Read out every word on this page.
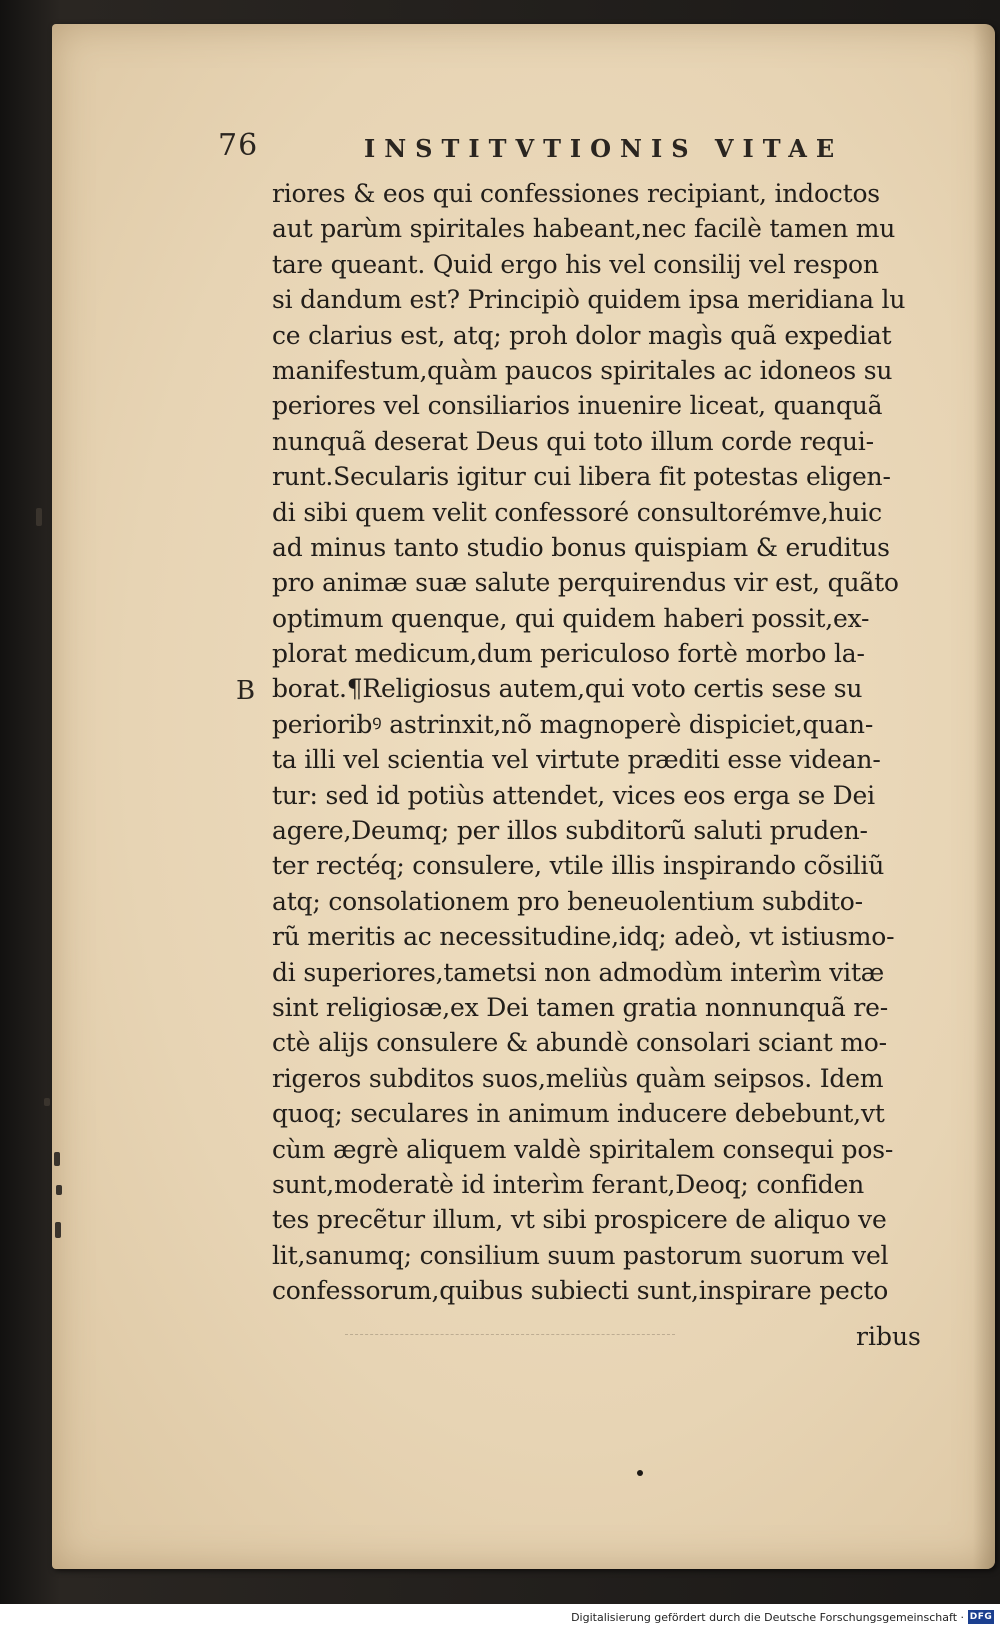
76	INSTITVTIONIS VITAE
riores & eos qui confessiones recipiant, indoctos
aut parùm spiritales habeant,nec facilè tamen mu
tare queant. Quid ergo his vel consilij vel respon
si dandum est? Principiò quidem ipsa meridiana lu
ce clarius est, atq; proh dolor magìs quã expediat
manifestum,quàm paucos spiritales ac idoneos su
periores vel consiliarios inuenire liceat, quanquã
nunquã deserat Deus qui toto illum corde requi-
runt.Secularis igitur cui libera fit potestas eligen-
di sibi quem velit confessoré consultorémve,huic
ad minus tanto studio bonus quispiam & eruditus
pro animæ suæ salute perquirendus vir est, quãto
optimum quenque, qui quidem haberi possit,ex-
plorat medicum,dum periculoso fortè morbo la-
borat.¶Religiosus autem,qui voto certis sese su
perioribꝰ astrinxit,nõ magnoperè dispiciet,quan-
ta illi vel scientia vel virtute præditi esse videan-
tur: sed id potiùs attendet, vices eos erga se Dei
agere,Deumq; per illos subditorũ saluti pruden-
ter rectéq; consulere, vtile illis inspirando cõsiliũ
atq; consolationem pro beneuolentium subdito-
rũ meritis ac necessitudine,idq; adeò, vt istiusmo-
di superiores,tametsi non admodùm interìm vitæ
sint religiosæ,ex Dei tamen gratia nonnunquã re-
ctè alijs consulere & abundè consolari sciant mo-
rigeros subditos suos,meliùs quàm seipsos. Idem
quoq; seculares in animum inducere debebunt,vt
cùm ægrè aliquem valdè spiritalem consequi pos-
sunt,moderatè id interìm ferant,Deoq; confiden
tes precẽtur illum, vt sibi prospicere de aliquo ve
lit,sanumq; consilium suum pastorum suorum vel
confessorum,quibus subiecti sunt,inspirare pecto
ribus
B
Digitalisierung gefördert durch die Deutsche Forschungsgemeinschaft · DFG
